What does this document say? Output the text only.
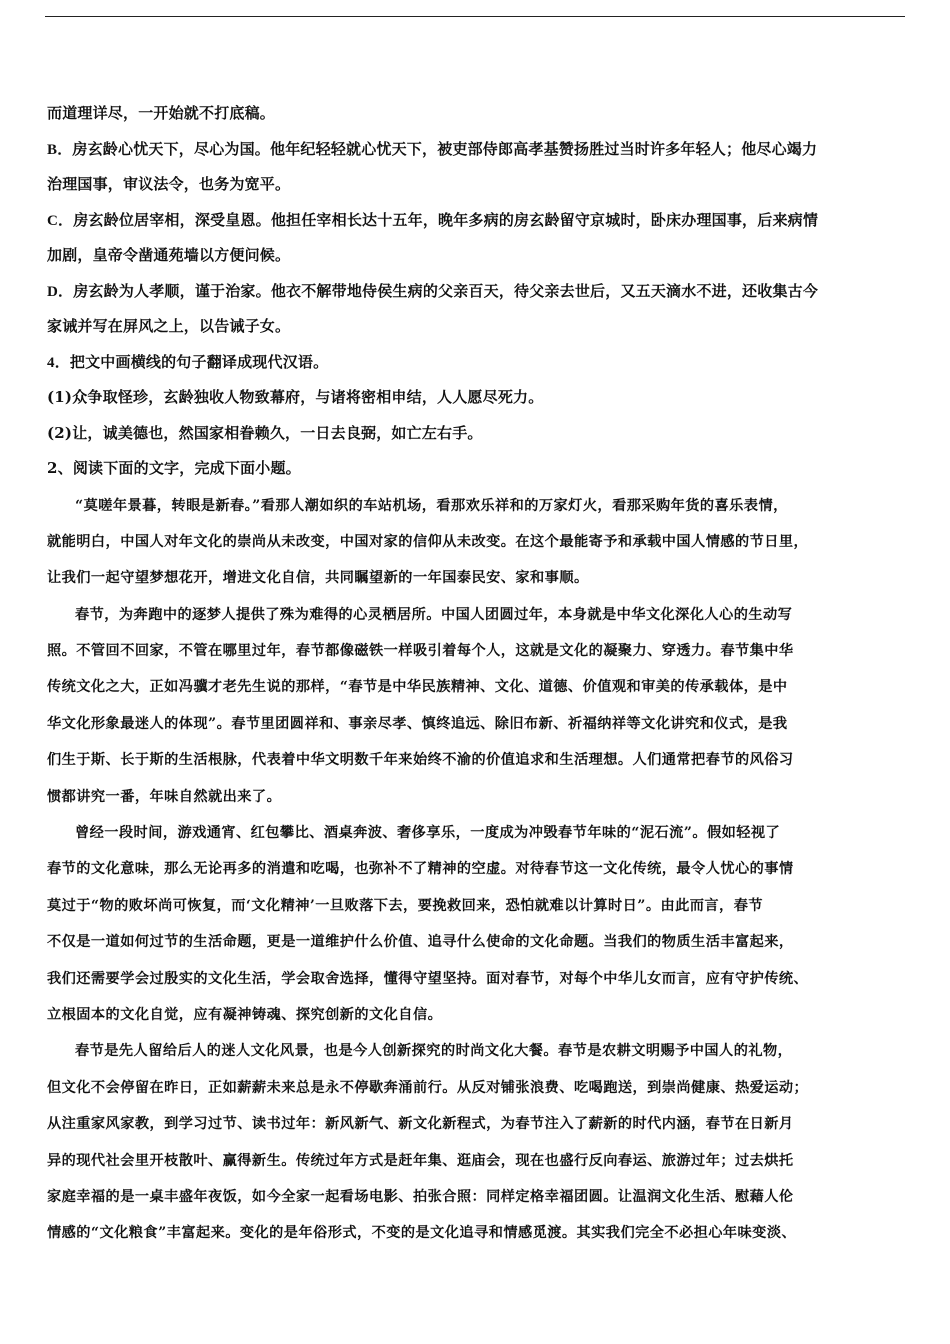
而道理详尽，一开始就不打底稿。
B．房玄龄心忧天下，尽心为国。他年纪轻轻就心忧天下，被吏部侍郎高孝基赞扬胜过当时许多年轻人；他尽心竭力
治理国事，审议法令，也务为宽平。
C．房玄龄位居宰相，深受皇恩。他担任宰相长达十五年，晚年多病的房玄龄留守京城时，卧床办理国事，后来病情
加剧，皇帝令凿通苑墙以方便问候。
D．房玄龄为人孝顺，谨于治家。他衣不解带地侍侯生病的父亲百天，待父亲去世后，又五天滴水不进，还收集古今
家诫并写在屏风之上，以告诫子女。
4．把文中画横线的句子翻译成现代汉语。
(1)众争取怪珍，玄龄独收人物致幕府，与诸将密相申结，人人愿尽死力。
(2)让，诚美德也，然国家相眷赖久，一日去良弼，如亡左右手。
2、阅读下面的文字，完成下面小题。
“莫嗟年景暮，转眼是新春。”看那人潮如织的车站机场，看那欢乐祥和的万家灯火，看那采购年货的喜乐表情，
就能明白，中国人对年文化的崇尚从未改变，中国对家的信仰从未改变。在这个最能寄予和承载中国人情感的节日里，
让我们一起守望梦想花开，增进文化自信，共同瞩望新的一年国泰民安、家和事顺。
春节，为奔跑中的逐梦人提供了殊为难得的心灵栖居所。中国人团圆过年，本身就是中华文化深化人心的生动写
照。不管回不回家，不管在哪里过年，春节都像磁铁一样吸引着每个人，这就是文化的凝聚力、穿透力。春节集中华
传统文化之大，正如冯骥才老先生说的那样，“春节是中华民族精神、文化、道德、价值观和审美的传承载体，是中
华文化形象最迷人的体现”。春节里团圆祥和、事亲尽孝、慎终追远、除旧布新、祈福纳祥等文化讲究和仪式，是我
们生于斯、长于斯的生活根脉，代表着中华文明数千年来始终不渝的价值追求和生活理想。人们通常把春节的风俗习
惯都讲究一番，年味自然就出来了。
曾经一段时间，游戏通宵、红包攀比、酒桌奔波、奢侈享乐，一度成为冲毁春节年味的“泥石流”。假如轻视了
春节的文化意味，那么无论再多的消遣和吃喝，也弥补不了精神的空虚。对待春节这一文化传统，最令人忧心的事情
莫过于“物的败坏尚可恢复，而‘文化精神’一旦败落下去，要挽救回来，恐怕就难以计算时日”。由此而言，春节
不仅是一道如何过节的生活命题，更是一道维护什么价值、追寻什么使命的文化命题。当我们的物质生活丰富起来，
我们还需要学会过殷实的文化生活，学会取舍选择，懂得守望坚持。面对春节，对每个中华儿女而言，应有守护传统、
立根固本的文化自觉，应有凝神铸魂、探究创新的文化自信。
春节是先人留给后人的迷人文化风景，也是今人创新探究的时尚文化大餐。春节是农耕文明赐予中国人的礼物，
但文化不会停留在昨日，正如薪薪未来总是永不停歇奔涌前行。从反对铺张浪费、吃喝跑送，到崇尚健康、热爱运动；
从注重家风家教，到学习过节、读书过年：新风新气、新文化新程式，为春节注入了薪新的时代内涵，春节在日新月
异的现代社会里开枝散叶、赢得新生。传统过年方式是赶年集、逛庙会，现在也盛行反向春运、旅游过年；过去烘托
家庭幸福的是一桌丰盛年夜饭，如今全家一起看场电影、拍张合照：同样定格幸福团圆。让温润文化生活、慰藉人伦
情感的“文化粮食”丰富起来。变化的是年俗形式，不变的是文化追寻和情感觅渡。其实我们完全不必担心年味变淡、
